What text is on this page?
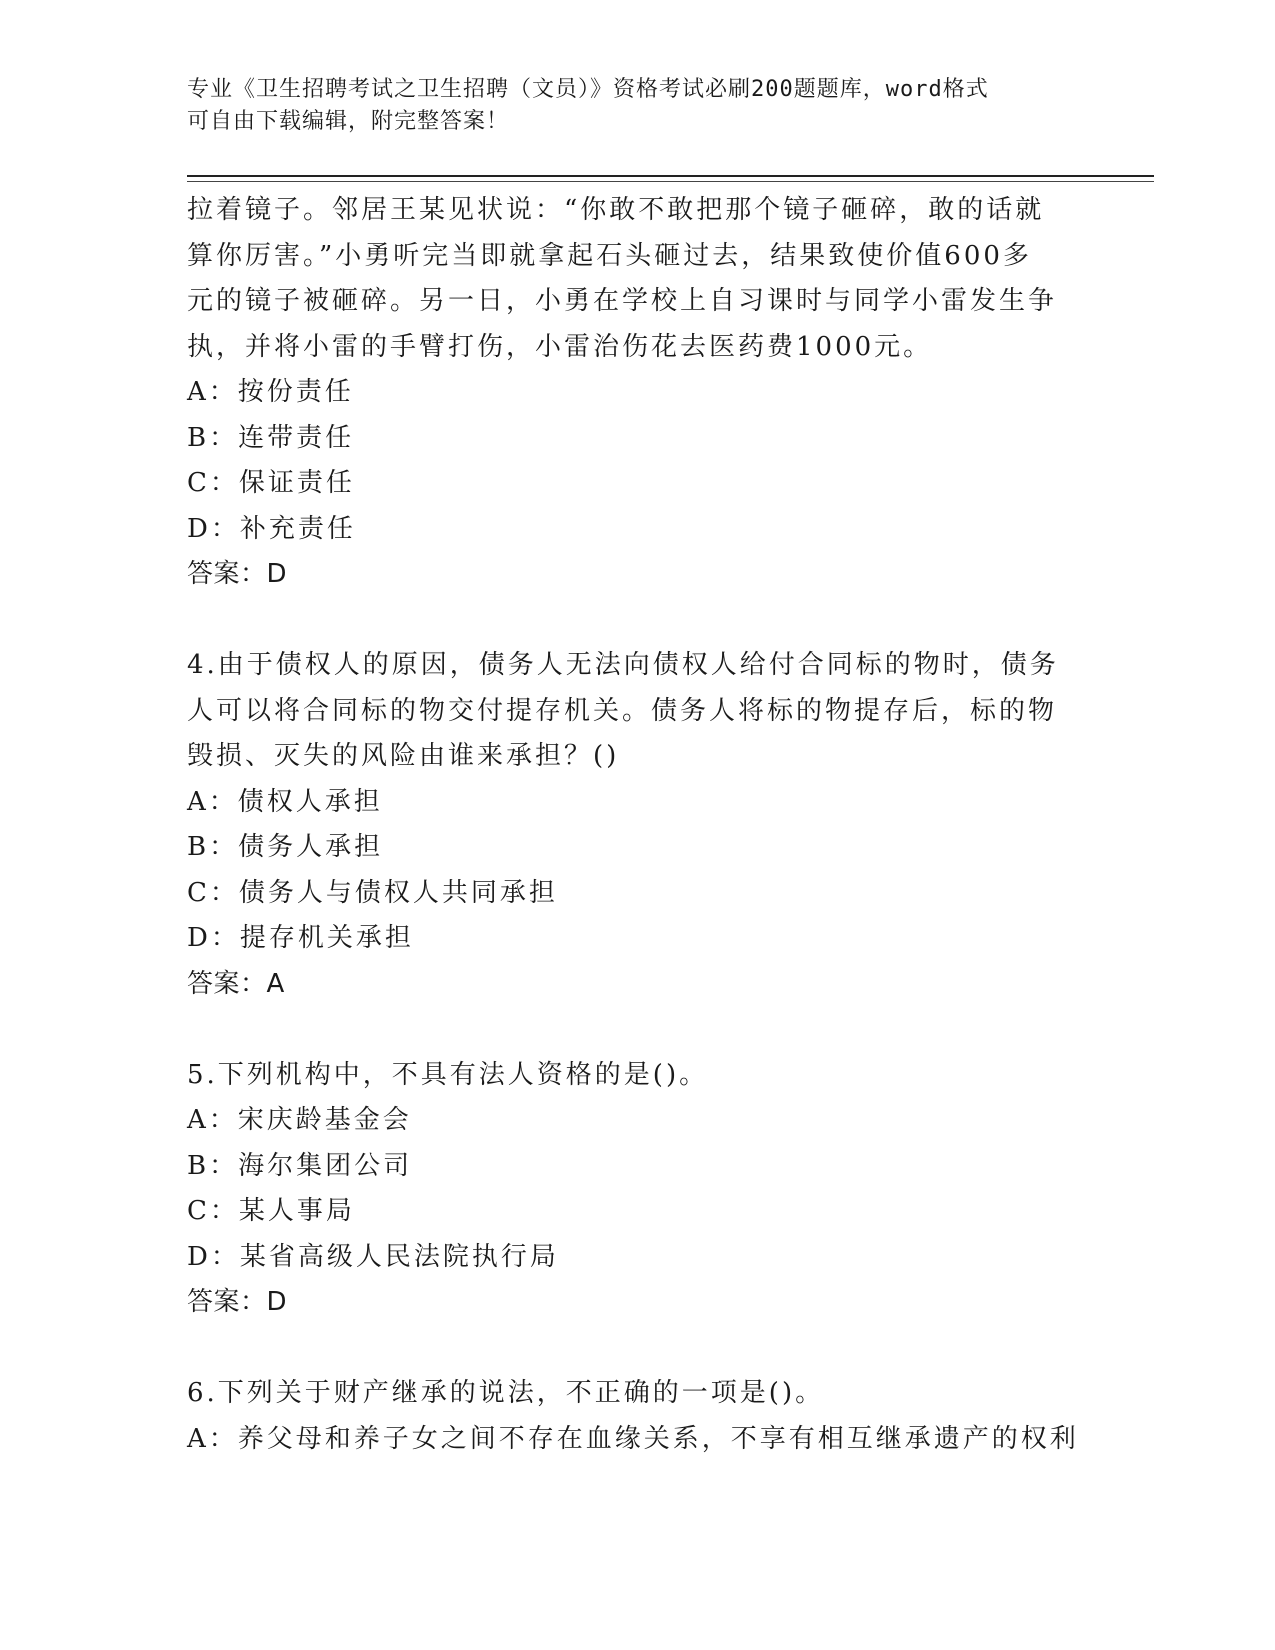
专业《卫生招聘考试之卫生招聘（文员）》资格考试必刷200题题库，word格式
可自由下载编辑，附完整答案！
拉着镜子。邻居王某见状说：“你敢不敢把那个镜子砸碎，敢的话就
算你厉害。”小勇听完当即就拿起石头砸过去，结果致使价值600多
元的镜子被砸碎。另一日，小勇在学校上自习课时与同学小雷发生争
执，并将小雷的手臂打伤，小雷治伤花去医药费1000元。
A：按份责任
B：连带责任
C：保证责任
D：补充责任
答案：D
4.由于债权人的原因，债务人无法向债权人给付合同标的物时，债务
人可以将合同标的物交付提存机关。债务人将标的物提存后，标的物
毁损、灭失的风险由谁来承担？()
A：债权人承担
B：债务人承担
C：债务人与债权人共同承担
D：提存机关承担
答案：A
5.下列机构中，不具有法人资格的是()。
A：宋庆龄基金会
B：海尔集团公司
C：某人事局
D：某省高级人民法院执行局
答案：D
6.下列关于财产继承的说法，不正确的一项是()。
A：养父母和养子女之间不存在血缘关系，不享有相互继承遗产的权利
